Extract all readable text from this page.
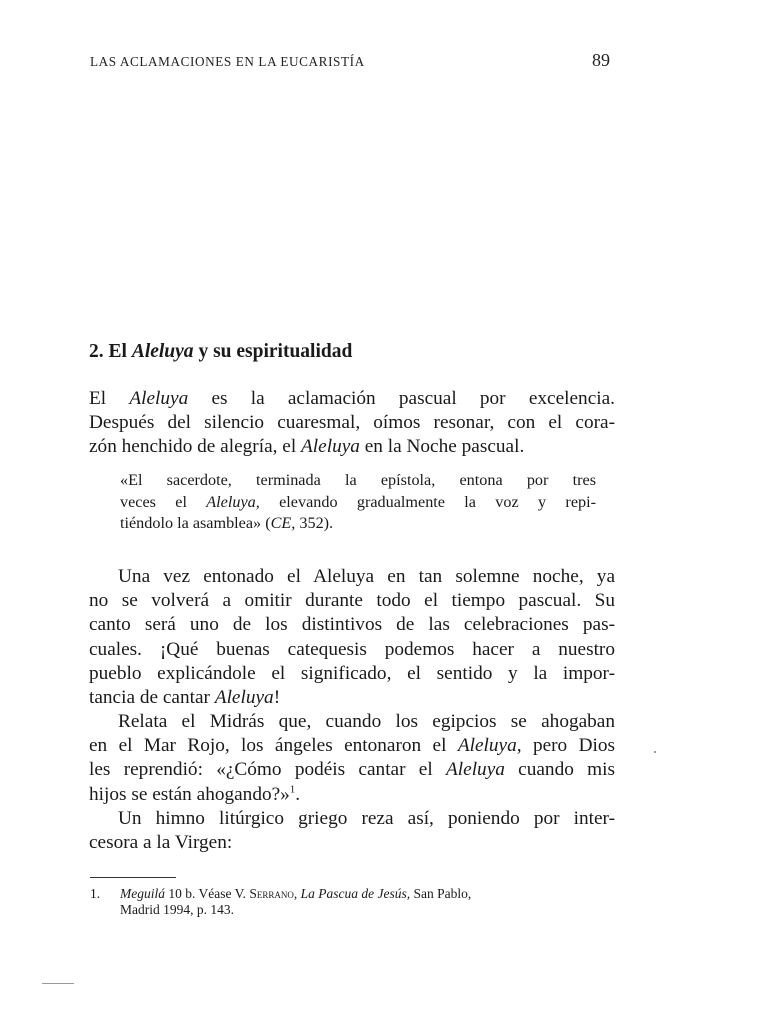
LAS ACLAMACIONES EN LA EUCARISTÍA	89
2. El Aleluya y su espiritualidad
El Aleluya es la aclamación pascual por excelencia.
Después del silencio cuaresmal, oímos resonar, con el cora-
zón henchido de alegría, el Aleluya en la Noche pascual.
«El sacerdote, terminada la epístola, entona por tres
veces el Aleluya, elevando gradualmente la voz y repi-
tiéndolo la asamblea» (CE, 352).
Una vez entonado el Aleluya en tan solemne noche, ya
no se volverá a omitir durante todo el tiempo pascual. Su
canto será uno de los distintivos de las celebraciones pas-
cuales. ¡Qué buenas catequesis podemos hacer a nuestro
pueblo explicándole el significado, el sentido y la impor-
tancia de cantar Aleluya!
Relata el Midrás que, cuando los egipcios se ahogaban
en el Mar Rojo, los ángeles entonaron el Aleluya, pero Dios
les reprendió: «¿Cómo podéis cantar el Aleluya cuando mis
hijos se están ahogando?»$^1$.
Un himno litúrgico griego reza así, poniendo por inter-
cesora a la Virgen:
1. Meguilá 10 b. Véase V. Serrano, La Pascua de Jesús, San Pablo,
Madrid 1994, p. 143.
